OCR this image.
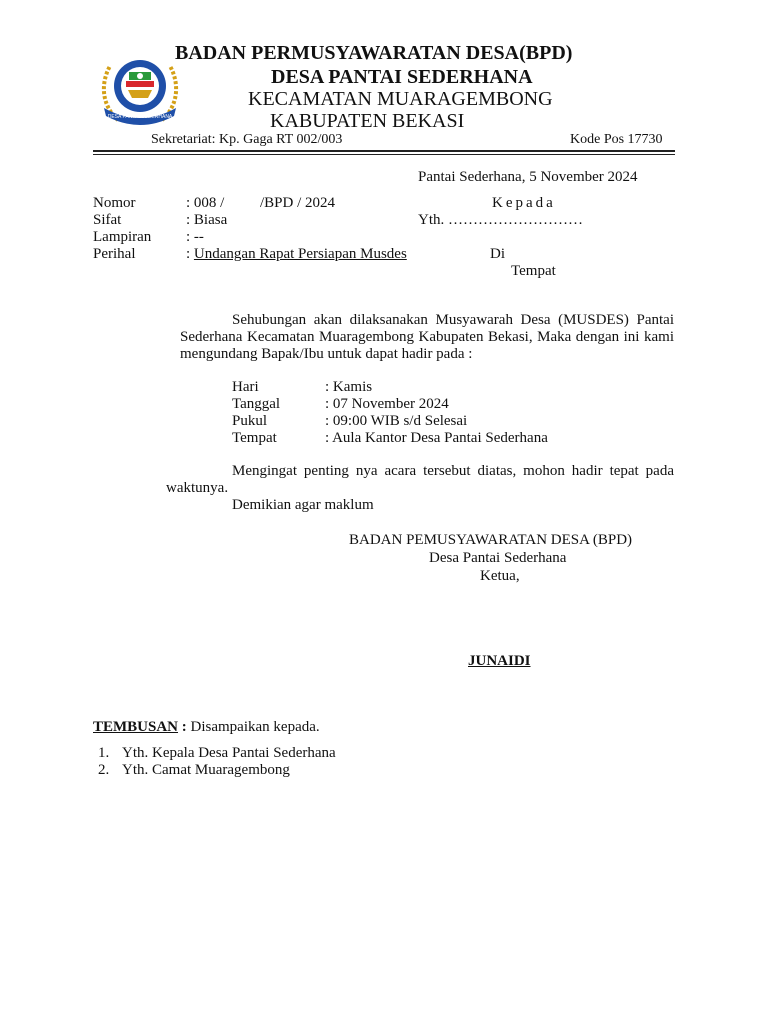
DESA PANTAI SEDERHANA
BADAN PERMUSYAWARATAN DESA(BPD)
DESA PANTAI SEDERHANA
KECAMATAN MUARAGEMBONG
KABUPATEN BEKASI
Sekretariat: Kp. Gaga RT 002/003	Kode Pos 17730
Pantai Sederhana, 5 November 2024
Nomor	: 008 / /BPD / 2024
Sifat	: Biasa
Lampiran : --
Perihal	: Undangan Rapat Persiapan Musdes
Kepada
Yth. ………………………
Di
Tempat
Sehubungan akan dilaksanakan Musyawarah Desa (MUSDES) Pantai Sederhana Kecamatan Muaragembong Kabupaten Bekasi, Maka dengan ini kami mengundang Bapak/Ibu untuk dapat hadir pada :
Hari	: Kamis
Tanggal	: 07 November 2024
Pukul	: 09:00 WIB s/d Selesai
Tempat	: Aula Kantor Desa Pantai Sederhana
Mengingat penting nya acara tersebut diatas, mohon hadir tepat pada waktunya.
Demikian agar maklum
BADAN PEMUSYAWARATAN DESA (BPD)
Desa Pantai Sederhana
Ketua,
JUNAIDI
TEMBUSAN : Disampaikan kepada.
1. Yth. Kepala Desa Pantai Sederhana
2. Yth. Camat Muaragembong
